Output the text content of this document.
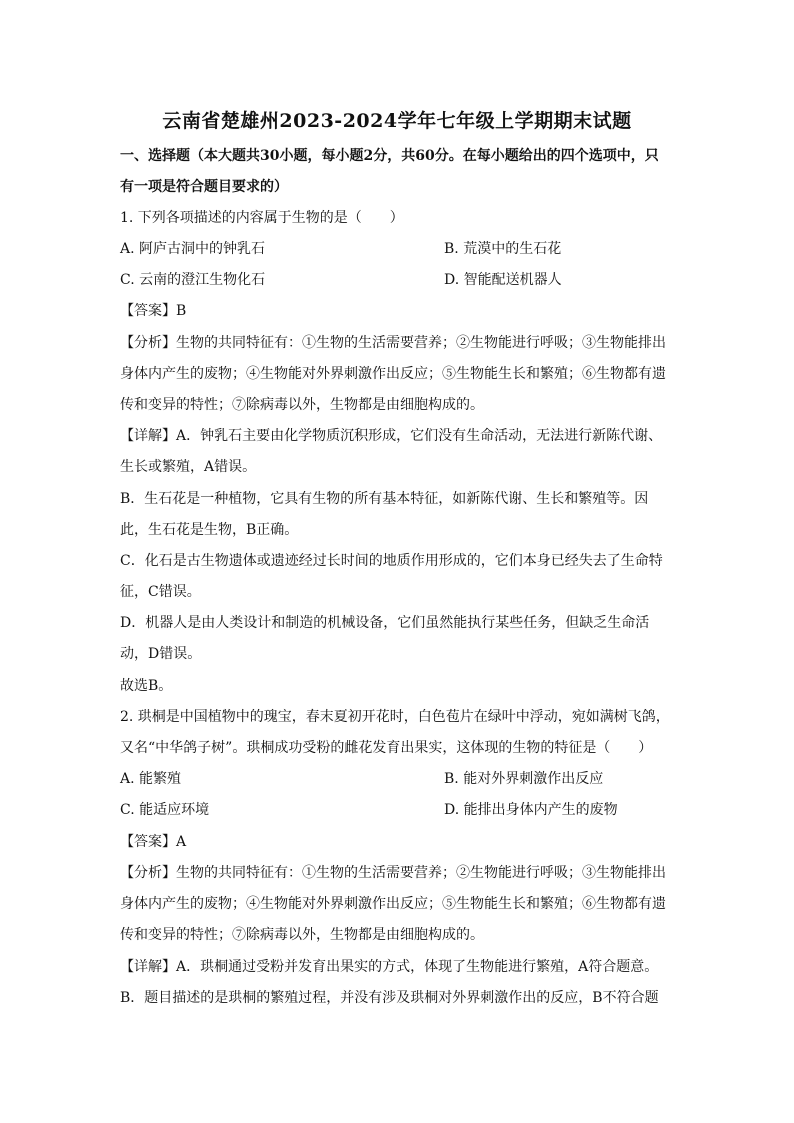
云南省楚雄州2023-2024学年七年级上学期期末试题
一、选择题（本大题共30小题，每小题2分，共60分。在每小题给出的四个选项中，只
有一项是符合题目要求的）
1. 下列各项描述的内容属于生物的是（　　）
A. 阿庐古洞中的钟乳石	B. 荒漠中的生石花
C. 云南的澄江生物化石	D. 智能配送机器人
【答案】B
【分析】生物的共同特征有：①生物的生活需要营养；②生物能进行呼吸；③生物能排出
身体内产生的废物；④生物能对外界刺激作出反应；⑤生物能生长和繁殖；⑥生物都有遗
传和变异的特性；⑦除病毒以外，生物都是由细胞构成的。
【详解】A．钟乳石主要由化学物质沉积形成，它们没有生命活动，无法进行新陈代谢、
生长或繁殖，A错误。
B．生石花是一种植物，它具有生物的所有基本特征，如新陈代谢、生长和繁殖等。因
此，生石花是生物，B正确。
C．化石是古生物遗体或遗迹经过长时间的地质作用形成的，它们本身已经失去了生命特
征，C错误。
D．机器人是由人类设计和制造的机械设备，它们虽然能执行某些任务，但缺乏生命活
动，D错误。
故选B。
2. 珙桐是中国植物中的瑰宝，春末夏初开花时，白色苞片在绿叶中浮动，宛如满树飞鸽，
又名“中华鸽子树”。珙桐成功受粉的雌花发育出果实，这体现的生物的特征是（　　）
A. 能繁殖	B. 能对外界刺激作出反应
C. 能适应环境	D. 能排出身体内产生的废物
【答案】A
【分析】生物的共同特征有：①生物的生活需要营养；②生物能进行呼吸；③生物能排出
身体内产生的废物；④生物能对外界刺激作出反应；⑤生物能生长和繁殖；⑥生物都有遗
传和变异的特性；⑦除病毒以外，生物都是由细胞构成的。
【详解】A．珙桐通过受粉并发育出果实的方式，体现了生物能进行繁殖，A符合题意。
B．题目描述的是珙桐的繁殖过程，并没有涉及珙桐对外界刺激作出的反应，B不符合题
